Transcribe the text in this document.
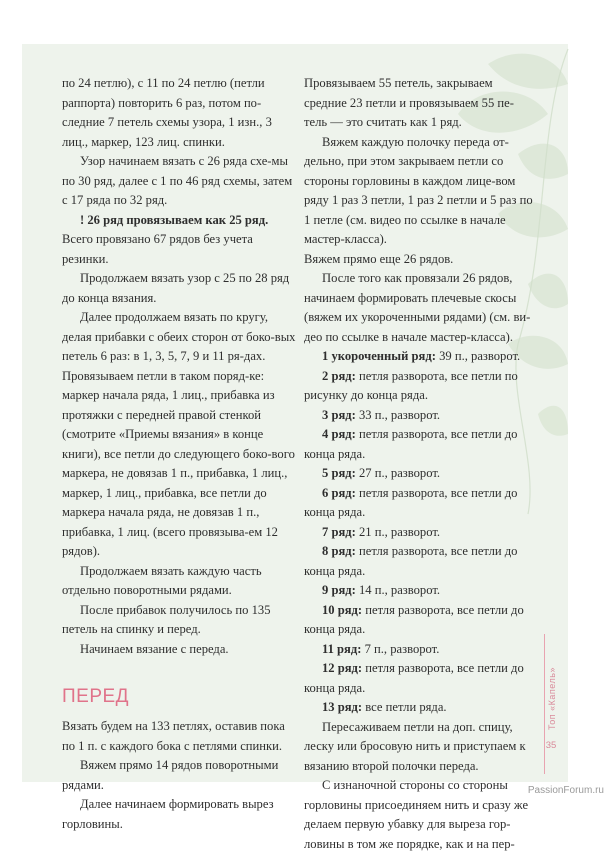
по 24 петлю), с 11 по 24 петлю (петли раппорта) повторить 6 раз, потом по-следние 7 петель схемы узора, 1 изн., 3 лиц., маркер, 123 лиц. спинки.

Узор начинаем вязать с 26 ряда схе-мы по 30 ряд, далее с 1 по 46 ряд схемы, затем с 17 ряда по 32 ряд.

! 26 ряд провязываем как 25 ряд.

Всего провязано 67 рядов без учета резинки.

Продолжаем вязать узор с 25 по 28 ряд до конца вязания.

Далее продолжаем вязать по кругу, делая прибавки с обеих сторон от боко-вых петель 6 раз: в 1, 3, 5, 7, 9 и 11 ря-дах. Провязываем петли в таком поряд-ке: маркер начала ряда, 1 лиц., прибавка из протяжки с передней правой стенкой (смотрите «Приемы вязания» в конце книги), все петли до следующего боко-вого маркера, не довязав 1 п., прибавка, 1 лиц., маркер, 1 лиц., прибавка, все петли до маркера начала ряда, не довязав 1 п., прибавка, 1 лиц. (всего провязыва-ем 12 рядов).

Продолжаем вязать каждую часть отдельно поворотными рядами.

После прибавок получилось по 135 петель на спинку и перед.

Начинаем вязание с переда.

ПЕРЕД

Вязать будем на 133 петлях, оставив пока по 1 п. с каждого бока с петлями спинки.

Вяжем прямо 14 рядов поворотными рядами.

Далее начинаем формировать вырез горловины.

Провязываем 55 петель, закрываем средние 23 петли и провязываем 55 пе-тель — это считать как 1 ряд.

Вяжем каждую полочку переда от-дельно, при этом закрываем петли со стороны горловины в каждом лице-вом ряду 1 раз 3 петли, 1 раз 2 петли и 5 раз по 1 петле (см. видео по ссылке в начале мастер-класса).

Вяжем прямо еще 26 рядов.

После того как провязали 26 рядов, начинаем формировать плечевые скосы (вяжем их укороченными рядами) (см. ви-део по ссылке в начале мастер-класса).

1 укороченный ряд: 39 п., разворот.

2 ряд: петля разворота, все петли по рисунку до конца ряда.

3 ряд: 33 п., разворот.

4 ряд: петля разворота, все петли до конца ряда.

5 ряд: 27 п., разворот.

6 ряд: петля разворота, все петли до конца ряда.

7 ряд: 21 п., разворот.

8 ряд: петля разворота, все петли до конца ряда.

9 ряд: 14 п., разворот.

10 ряд: петля разворота, все петли до конца ряда.

11 ряд: 7 п., разворот.

12 ряд: петля разворота, все петли до конца ряда.

13 ряд: все петли ряда.

Пересаживаем петли на доп. спицу, леску или бросовую нить и приступаем к вязанию второй полочки переда.

С изнаночной стороны со стороны горловины присоединяем нить и сразу же делаем первую убавку для выреза гор-ловины в том же порядке, как и на пер-

Топ «Капель»
35
PassionForum.ru
